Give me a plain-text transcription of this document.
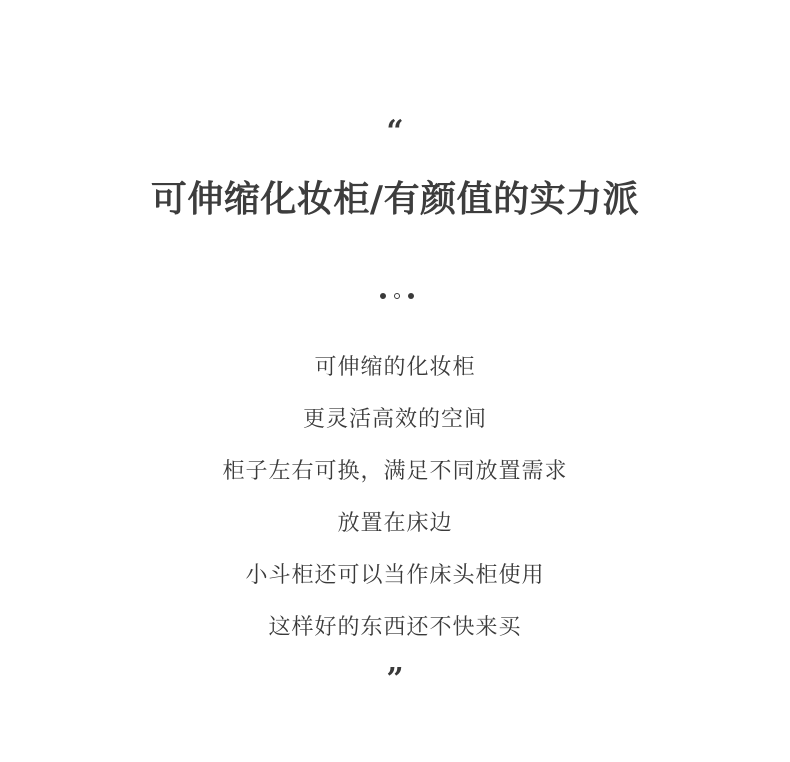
“
可伸缩化妆柜/有颜值的实力派
可伸缩的化妆柜
更灵活高效的空间
柜子左右可换，满足不同放置需求
放置在床边
小斗柜还可以当作床头柜使用
这样好的东西还不快来买
”
